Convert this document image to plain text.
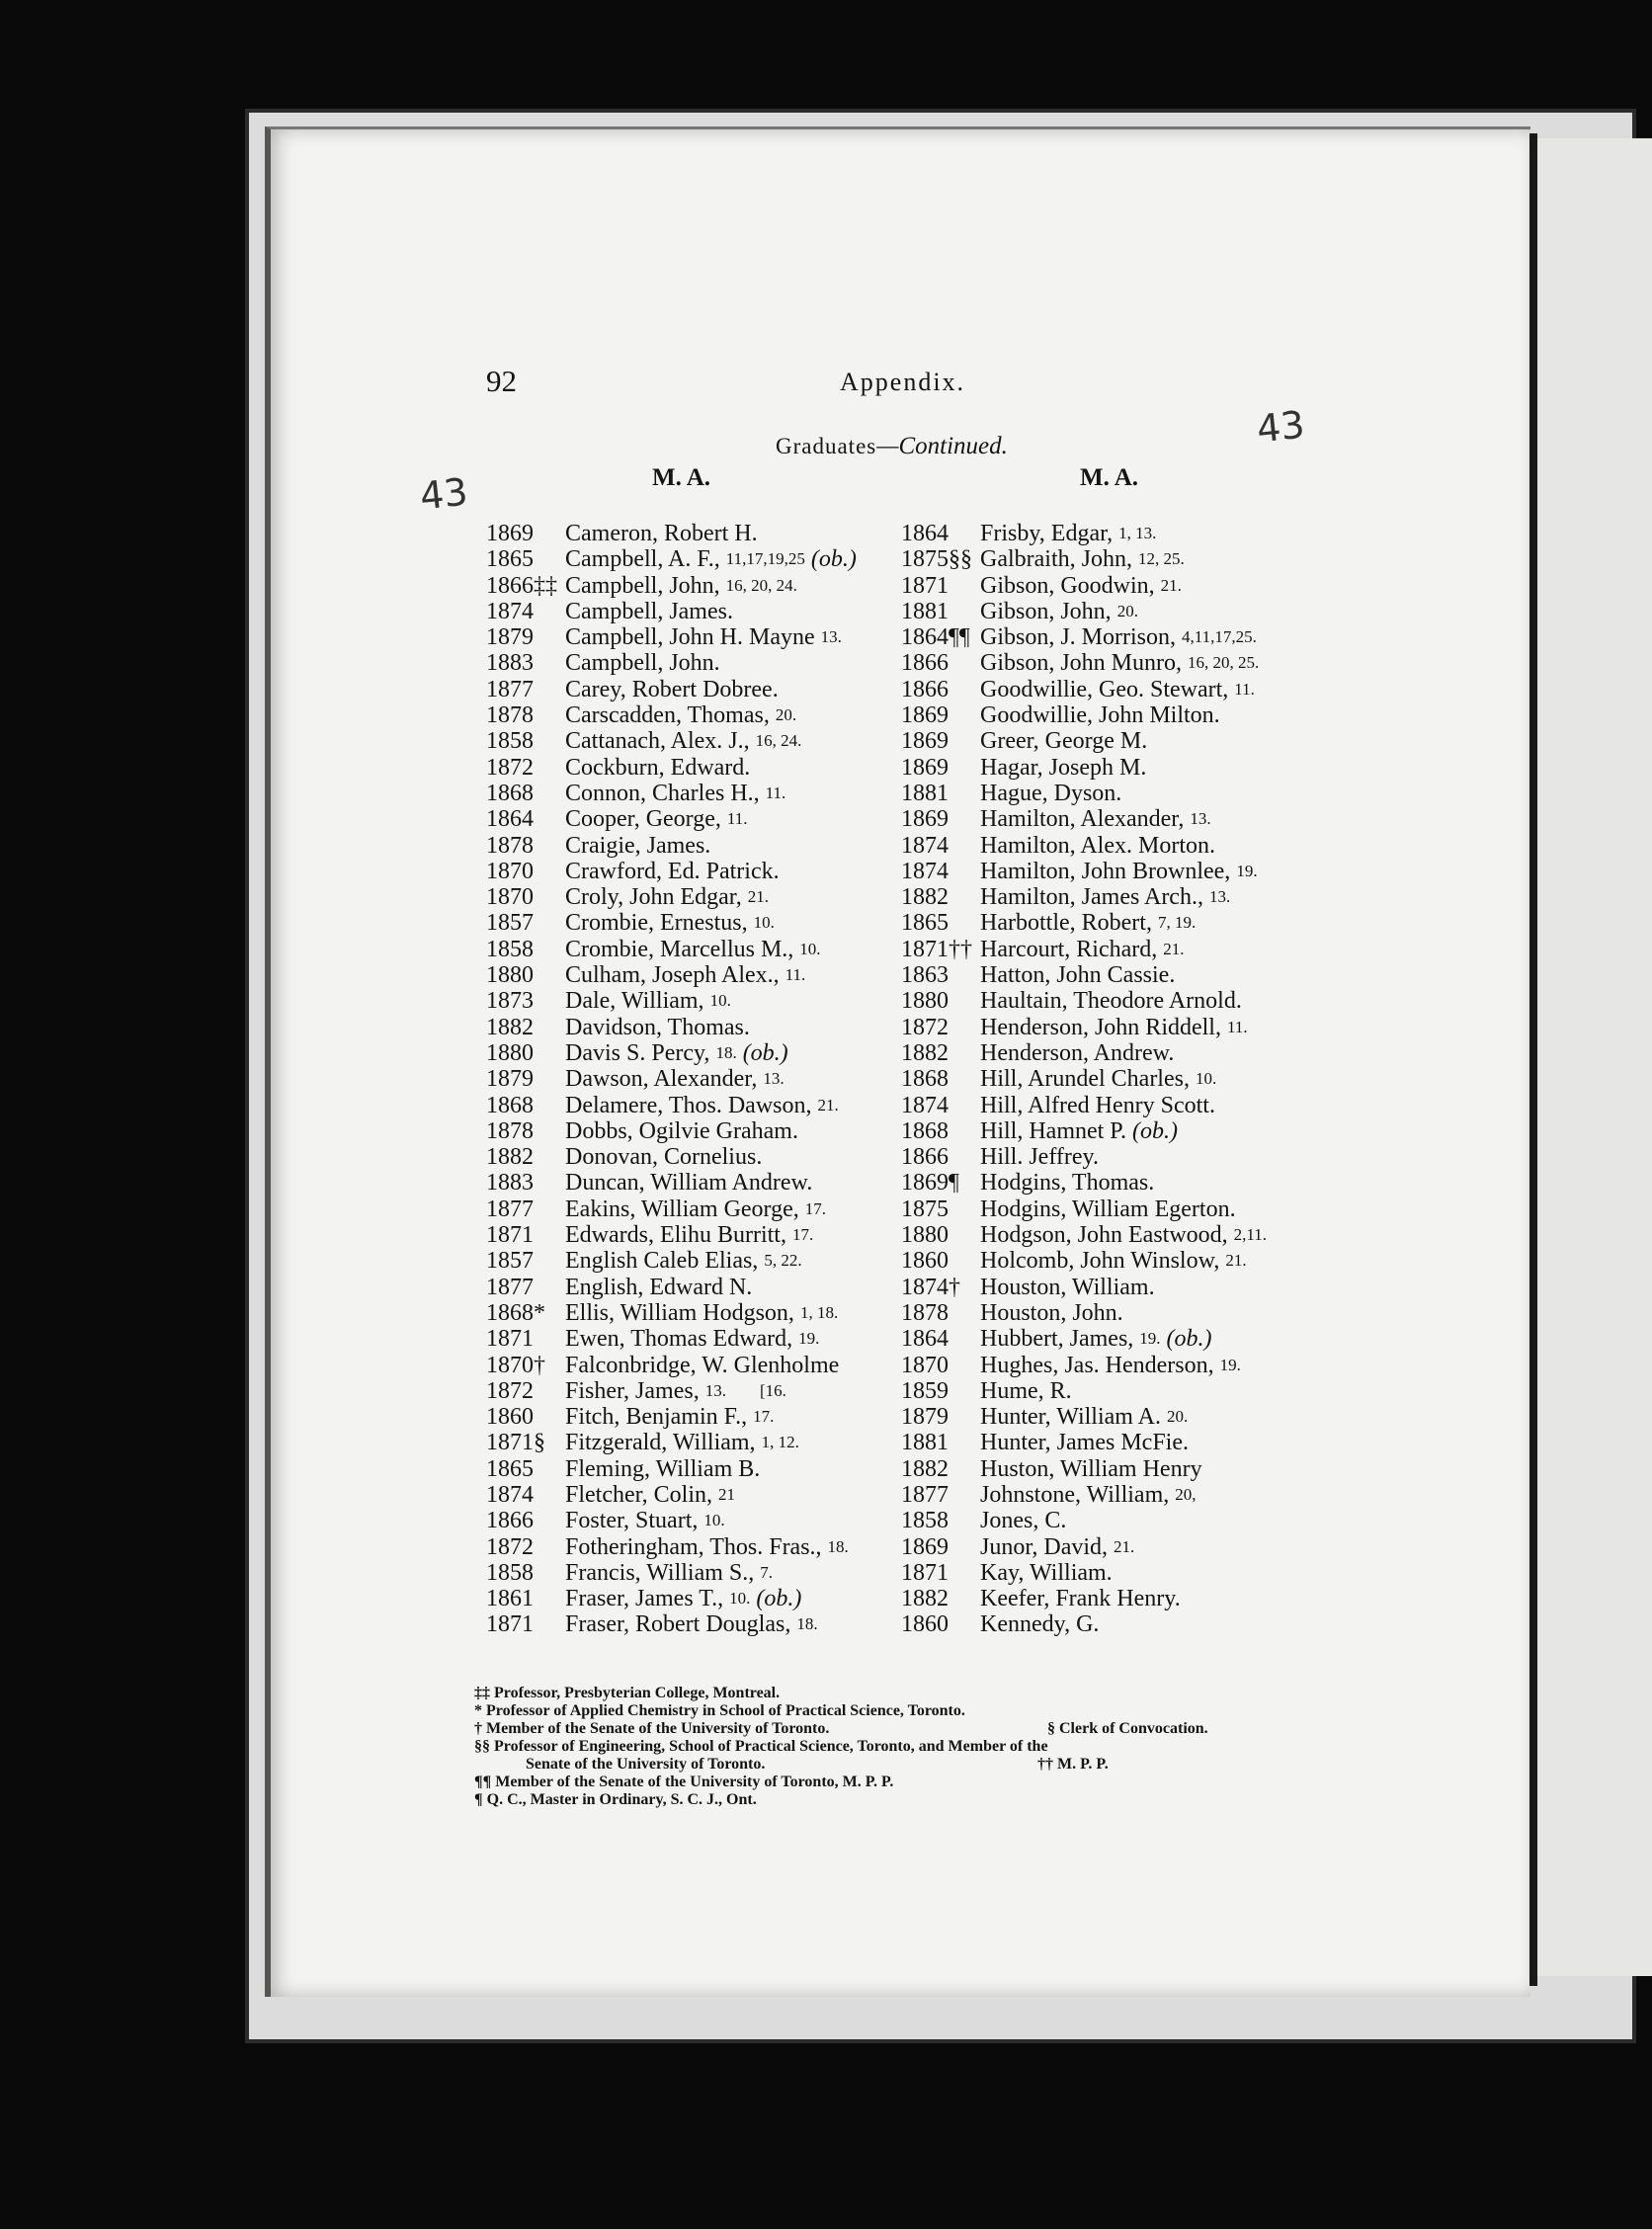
92	Appendix.
Graduates—Continued.
M. A.	M. A.
43
43
1869 Cameron, Robert H.
1865 Campbell, A. F., 11,17,19,25 (ob.)
1866 ‡‡ Campbell, John, 16, 20, 24.
1874 Campbell, James.
1879 Campbell, John H. Mayne 13.
1883 Campbell, John.
1877 Carey, Robert Dobree.
1878 Carscadden, Thomas, 20.
1858 Cattanach, Alex. J., 16, 24.
1872 Cockburn, Edward.
1868 Connon, Charles H., 11.
1864 Cooper, George, 11.
1878 Craigie, James.
1870 Crawford, Ed. Patrick.
1870 Croly, John Edgar, 21.
1857 Crombie, Ernestus, 10.
1858 Crombie, Marcellus M., 10.
1880 Culham, Joseph Alex., 11.
1873 Dale, William, 10.
1882 Davidson, Thomas.
1880 Davis S. Percy, 18. (ob.)
1879 Dawson, Alexander, 13.
1868 Delamere, Thos. Dawson, 21.
1878 Dobbs, Ogilvie Graham.
1882 Donovan, Cornelius.
1883 Duncan, William Andrew.
1877 Eakins, William George, 17.
1871 Edwards, Elihu Burritt, 17.
1857 English Caleb Elias, 5, 22.
1877 English, Edward N.
1868 * Ellis, William Hodgson, 1, 18.
1871 Ewen, Thomas Edward, 19.
1870 † Falconbridge, W. Glenholme
1872 Fisher, James, 13.        [16.
1860 Fitch, Benjamin F., 17.
1871 § Fitzgerald, William, 1, 12.
1865 Fleming, William B.
1874 Fletcher, Colin, 21
1866 Foster, Stuart, 10.
1872 Fotheringham, Thos. Fras., 18.
1858 Francis, William S., 7.
1861 Fraser, James T., 10. (ob.)
1871 Fraser, Robert Douglas, 18.
1864 Frisby, Edgar, 1, 13.
1875 §§ Galbraith, John, 12, 25.
1871 Gibson, Goodwin, 21.
1881 Gibson, John, 20.
1864 ¶¶ Gibson, J. Morrison, 4,11,17,25.
1866 Gibson, John Munro, 16, 20, 25.
1866 Goodwillie, Geo. Stewart, 11.
1869 Goodwillie, John Milton.
1869 Greer, George M.
1869 Hagar, Joseph M.
1881 Hague, Dyson.
1869 Hamilton, Alexander, 13.
1874 Hamilton, Alex. Morton.
1874 Hamilton, John Brownlee, 19.
1882 Hamilton, James Arch., 13.
1865 Harbottle, Robert, 7, 19.
1871 †† Harcourt, Richard, 21.
1863 Hatton, John Cassie.
1880 Haultain, Theodore Arnold.
1872 Henderson, John Riddell, 11.
1882 Henderson, Andrew.
1868 Hill, Arundel Charles, 10.
1874 Hill, Alfred Henry Scott.
1868 Hill, Hamnet P. (ob.)
1866 Hill. Jeffrey.
1869 ¶ Hodgins, Thomas.
1875 Hodgins, William Egerton.
1880 Hodgson, John Eastwood, 2,11.
1860 Holcomb, John Winslow, 21.
1874 † Houston, William.
1878 Houston, John.
1864 Hubbert, James, 19. (ob.)
1870 Hughes, Jas. Henderson, 19.
1859 Hume, R.
1879 Hunter, William A. 20.
1881 Hunter, James McFie.
1882 Huston, William Henry
1877 Johnstone, William, 20,
1858 Jones, C.
1869 Junor, David, 21.
1871 Kay, William.
1882 Keefer, Frank Henry.
1860 Kennedy, G.
‡‡ Professor, Presbyterian College, Montreal.
* Professor of Applied Chemistry in School of Practical Science, Toronto.
† Member of the Senate of the University of Toronto.	§ Clerk of Convocation.
§§ Professor of Engineering, School of Practical Science, Toronto, and Member of the
Senate of the University of Toronto.	†† M. P. P.
¶¶ Member of the Senate of the University of Toronto, M. P. P.
¶ Q. C., Master in Ordinary, S. C. J., Ont.
